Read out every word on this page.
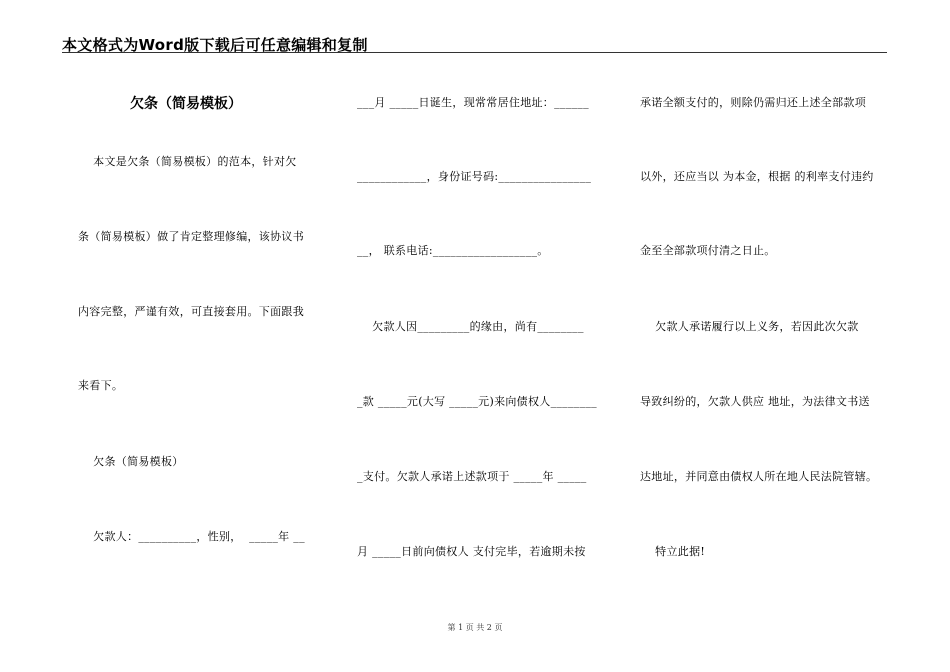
本文格式为Word版下载后可任意编辑和复制
欠条（简易模板）
本文是欠条（简易模板）的范本，针对欠
条（简易模板）做了肯定整理修编，该协议书
内容完整，严谨有效，可直接套用。下面跟我
来看下。
欠条（简易模板）
欠款人：__________，性别，  _____年 __
___月 _____日诞生，现常常居住地址：______
____________，身份证号码:________________
__， 联系电话:__________________。
欠款人因_________的缘由，尚有________
_款 _____元(大写 _____元)来向债权人________
_支付。欠款人承诺上述款项于 _____年 _____
月 _____日前向债权人 支付完毕，若逾期未按
承诺全额支付的，则除仍需归还上述全部款项
以外，还应当以 为本金，根据 的利率支付违约
金至全部款项付清之日止。
欠款人承诺履行以上义务，若因此次欠款
导致纠纷的，欠款人供应 地址，为法律文书送
达地址，并同意由债权人所在地人民法院管辖。
特立此据!
第 1 页 共 2 页
